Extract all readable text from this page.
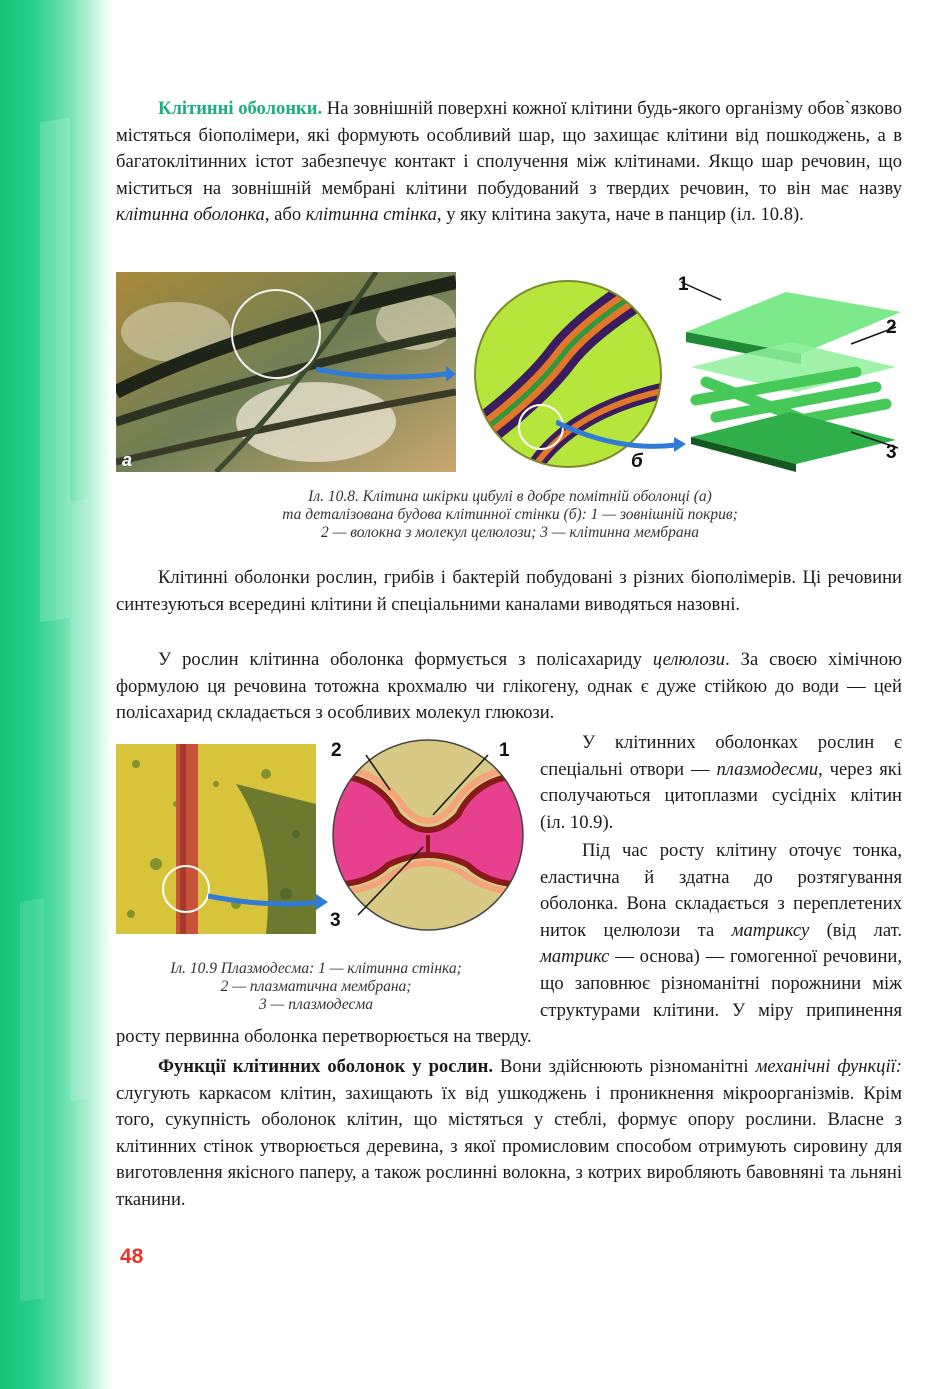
Клітинні оболонки. На зовнішній поверхні кожної клітини будь-якого організму обов`язково містяться біополімери, які формують особливий шар, що захищає клітини від пошкоджень, а в багатоклітинних істот забезпечує контакт і сполучення між клітинами. Якщо шар речовин, що міститься на зовнішній мембрані клітини побудований з твердих речовин, то він має назву клітинна оболонка, або клітинна стінка, у яку клітина закута, наче в панцир (іл. 10.8).
а	б
1
2
3
Іл. 10.8. Клітина шкірки цибулі в добре помітній оболонці (а)
та деталізована будова клітинної стінки (б): 1 — зовнішній покрив;
2 — волокна з молекул целюлози; 3 — клітинна мембрана
Клітинні оболонки рослин, грибів і бактерій побудовані з різних біополімерів. Ці речовини синтезуються всередині клітини й спеціальними каналами виводяться назовні.
У рослин клітинна оболонка формується з полісахариду целюлози. За своєю хімічною формулою ця речовина тотожна крохмалю чи глікогену, однак є дуже стійкою до води — цей полісахарид складається з особливих молекул глюкози.
2	1
3
Іл. 10.9 Плазмодесма: 1 — клітинна стінка;
2 — плазматична мембрана;
3 — плазмодесма
У клітинних оболонках рослин є спеціальні отвори — плазмодесми, через які сполучаються цитоплазми сусідніх клітин (іл. 10.9).
Під час росту клітину оточує тонка, еластична й здатна до розтягування оболонка. Вона складається з переплетених ниток целюлози та матриксу (від лат. матрикс — основа) — гомогенної речовини, що заповнює різноманітні порожнини між структурами клітини. У міру припинення росту первинна оболонка перетворюється на тверду.
Функції клітинних оболонок у рослин. Вони здійснюють різноманітні механічні функції: слугують каркасом клітин, захищають їх від ушкоджень і проникнення мікроорганізмів. Крім того, сукупність оболонок клітин, що містяться у стеблі, формує опору рослини. Власне з клітинних стінок утворюється деревина, з якої промисловим способом отримують сировину для виготовлення якісного паперу, а також рослинні волокна, з котрих виробляють бавовняні та льняні тканини.
48
